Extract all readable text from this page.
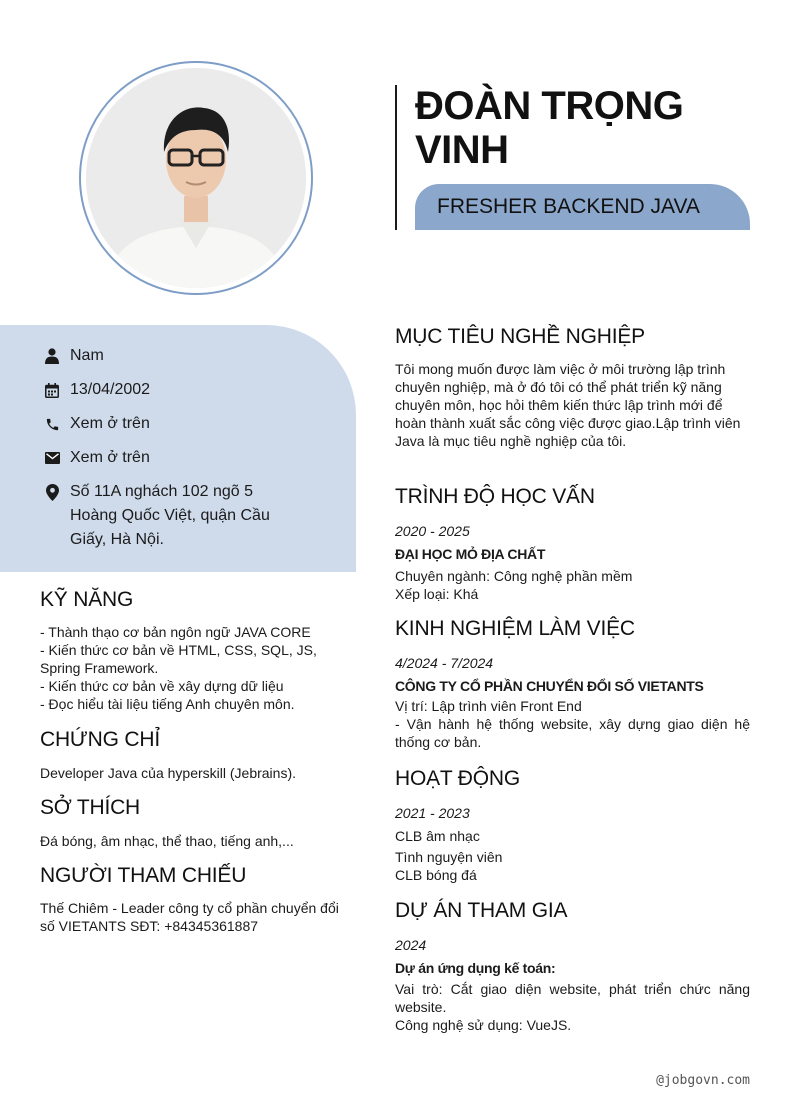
ĐOÀN TRỌNG VINH
FRESHER BACKEND JAVA
Nam
13/04/2002
Xem ở trên
Xem ở trên
Số 11A nghách 102 ngõ 5 Hoàng Quốc Việt, quận Cầu Giấy, Hà Nội.
KỸ NĂNG

- Thành thạo cơ bản ngôn ngữ JAVA CORE

- Kiến thức cơ bản về HTML, CSS, SQL, JS, Spring Framework.

- Kiến thức cơ bản về xây dựng dữ liệu

- Đọc hiểu tài liệu tiếng Anh chuyên môn.

CHỨNG CHỈ
Developer Java của hyperskill (Jebrains).
SỞ THÍCH
Đá bóng, âm nhạc, thể thao, tiếng anh,...
NGƯỜI THAM CHIẾU
Thế Chiêm - Leader công ty cổ phần chuyển đổi số VIETANTS SĐT: +84345361887
MỤC TIÊU NGHỀ NGHIỆP
Tôi mong muốn được làm việc ở môi trường lập trình chuyên nghiệp, mà ở đó tôi có thể phát triển kỹ năng chuyên môn, học hỏi thêm kiến thức lập trình mới để hoàn thành xuất sắc công việc được giao.Lập trình viên Java là mục tiêu nghề nghiệp của tôi.
TRÌNH ĐỘ HỌC VẤN

2020 - 2025

ĐẠI HỌC MỎ ĐỊA CHẤT

Chuyên ngành: Công nghệ phần mềm

Xếp loại: Khá

KINH NGHIỆM LÀM VIỆC

4/2024 - 7/2024

CÔNG TY CỔ PHẦN CHUYỂN ĐỔI SỐ VIETANTS

Vị trí: Lập trình viên Front End

- Vận hành hệ thống website, xây dựng giao diện hệ thống cơ bản.

HOẠT ĐỘNG

2021 - 2023

CLB âm nhạc

Tình nguyện viên

CLB bóng đá

DỰ ÁN THAM GIA

2024

Dự án ứng dụng kế toán:

Vai trò: Cắt giao diện website, phát triển chức năng website.

Công nghệ sử dụng: VueJS.

@jobgovn.com
